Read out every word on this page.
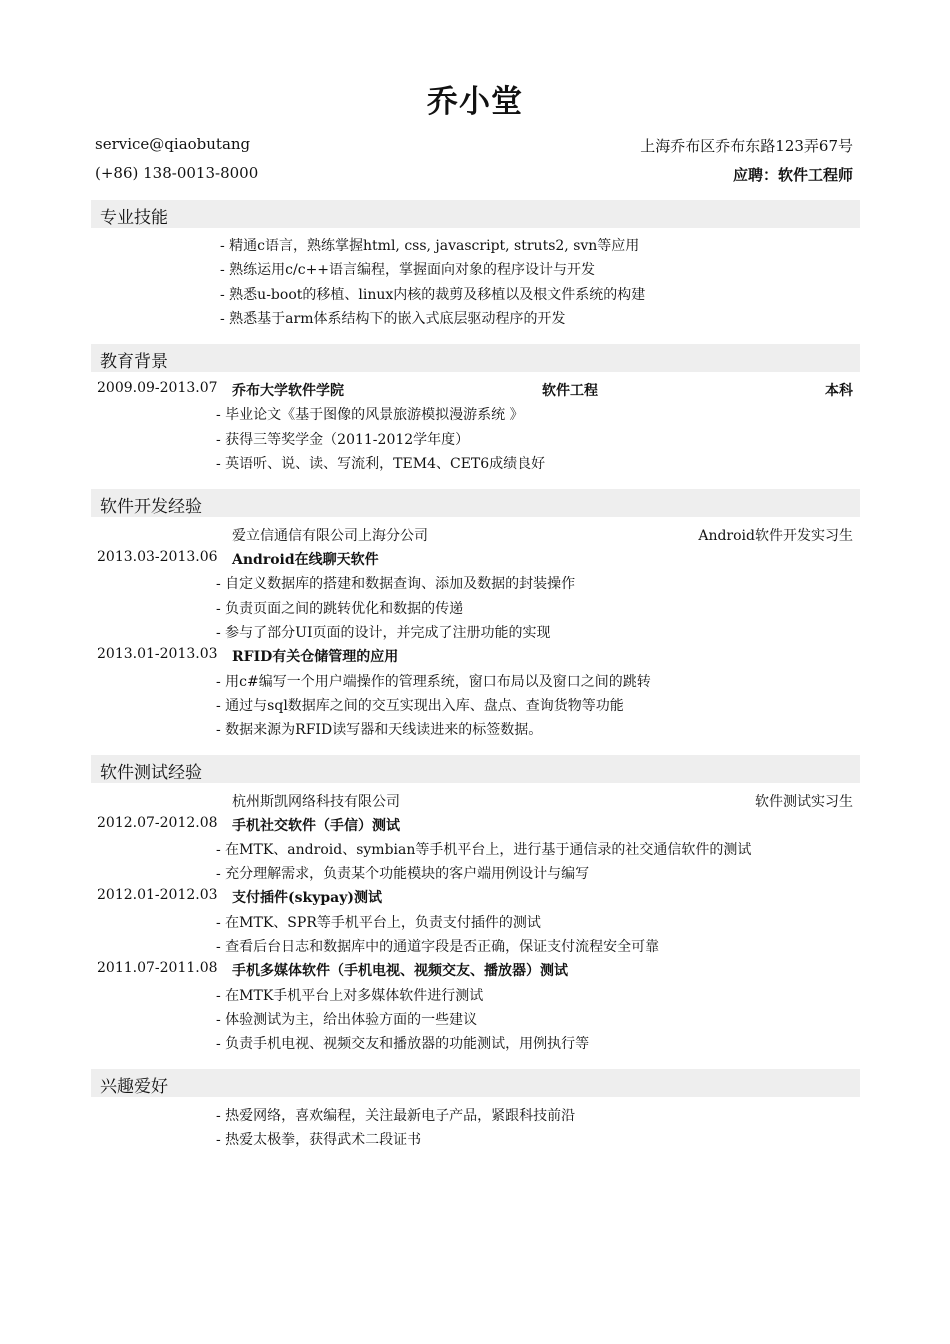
乔小堂
service@qiaobutang
(+86) 138-0013-8000
上海乔布区乔布东路123弄67号
应聘：软件工程师
专业技能
- 精通c语言，熟练掌握html, css, javascript, struts2, svn等应用
- 熟练运用c/c++语言编程，掌握面向对象的程序设计与开发
- 熟悉u-boot的移植、linux内核的裁剪及移植以及根文件系统的构建
- 熟悉基于arm体系结构下的嵌入式底层驱动程序的开发
教育背景
2009.09-2013.07 乔布大学软件学院	软件工程	本科
- 毕业论文《基于图像的风景旅游模拟漫游系统 》
- 获得三等奖学金（2011-2012学年度）
- 英语听、说、读、写流利，TEM4、CET6成绩良好
软件开发经验
爱立信通信有限公司上海分公司	Android软件开发实习生
2013.03-2013.06 Android在线聊天软件
- 自定义数据库的搭建和数据查询、添加及数据的封装操作
- 负责页面之间的跳转优化和数据的传递
- 参与了部分UI页面的设计，并完成了注册功能的实现
2013.01-2013.03 RFID有关仓储管理的应用
- 用c#编写一个用户端操作的管理系统，窗口布局以及窗口之间的跳转
- 通过与sql数据库之间的交互实现出入库、盘点、查询货物等功能
- 数据来源为RFID读写器和天线读进来的标签数据。
软件测试经验
杭州斯凯网络科技有限公司	软件测试实习生
2012.07-2012.08 手机社交软件（手信）测试
- 在MTK、android、symbian等手机平台上，进行基于通信录的社交通信软件的测试
- 充分理解需求，负责某个功能模块的客户端用例设计与编写
2012.01-2012.03 支付插件(skypay)测试
- 在MTK、SPR等手机平台上，负责支付插件的测试
- 查看后台日志和数据库中的通道字段是否正确，保证支付流程安全可靠
2011.07-2011.08 手机多媒体软件（手机电视、视频交友、播放器）测试
- 在MTK手机平台上对多媒体软件进行测试
- 体验测试为主，给出体验方面的一些建议
- 负责手机电视、视频交友和播放器的功能测试，用例执行等
兴趣爱好
- 热爱网络，喜欢编程，关注最新电子产品，紧跟科技前沿
- 热爱太极拳，获得武术二段证书
